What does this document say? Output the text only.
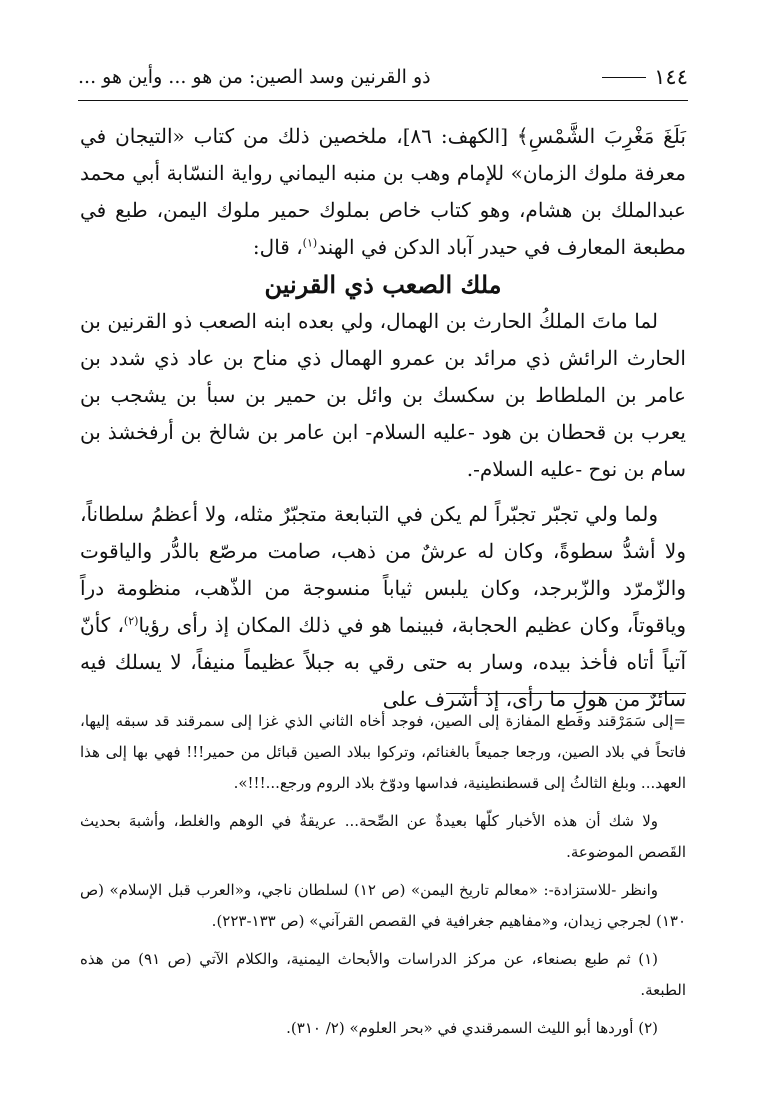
١٤٤
ذو القرنين وسد الصين: من هو ... وأين هو ...

بَلَغَ مَغْرِبَ الشَّمْسِ﴾ [الكهف: ٨٦]، ملخصين ذلك من كتاب «التيجان في معرفة ملوك الزمان» للإمام وهب بن منبه اليماني رواية النسّابة أبي محمد عبدالملك بن هشام، وهو كتاب خاص بملوك حمير ملوك اليمن، طبع في مطبعة المعارف في حيدر آباد الدكن في الهند$^{(١)}$، قال:

ملك الصعب ذي القرنين

لما ماتَ الملكُ الحارث بن الهمال، ولي بعده ابنه الصعب ذو القرنين بن الحارث الرائش ذي مرائد بن عمرو الهمال ذي مناح بن عاد ذي شدد بن عامر بن الملطاط بن سكسك بن وائل بن حمير بن سبأ بن يشجب بن يعرب بن قحطان بن هود -عليه السلام- ابن عامر بن شالخ بن أرفخشذ بن سام بن نوح -عليه السلام-.

ولما ولي تجبّر تجبّراً لم يكن في التبابعة متجبّرٌ مثله، ولا أعظمُ سلطاناً، ولا أشدُّ سطوةً، وكان له عرشٌ من ذهب، صامت مرصّع بالدُّر والياقوت والزّمرّد والزّبرجد، وكان يلبس ثياباً منسوجة من الذّهب، منظومة دراً وياقوتاً، وكان عظيم الحجابة، فبينما هو في ذلك المكان إذ رأى رؤيا$^{(٢)}$، كأنّ آتياً أتاه فأخذ بيده، وسار به حتى رقي به جبلاً عظيماً منيفاً، لا يسلك فيه سائرٌ من هولِ ما رأى، إذ أشرف على

=إلى سَمَرْقند وقطع المفازة إلى الصين، فوجد أخاه الثاني الذي غزا إلى سمرقند قد سبقه إليها، فاتحاً في بلاد الصين، ورجعا جميعاً بالغنائم، وتركوا ببلاد الصين قبائل من حمير!!! فهي بها إلى هذا العهد... وبلغ الثالثُ إلى قسطنطينية، فداسها ودوّخ بلاد الروم ورجع...!!!».

ولا شك أن هذه الأخبار كلّها بعيدةٌ عن الصِّحة... عريقةٌ في الوهم والغلط، وأشبهَ بحديث القَصص الموضوعة.

وانظر -للاستزادة-: «معالم تاريخ اليمن» (ص ١٢) لسلطان ناجي، و«العرب قبل الإسلام» (ص ١٣٠) لجرجي زيدان، و«مفاهيم جغرافية في القصص القرآني» (ص ١٣٣-٢٢٣).

(١) ثم طبع بصنعاء، عن مركز الدراسات والأبحاث اليمنية، والكلام الآتي (ص ٩١) من هذه الطبعة.

(٢) أوردها أبو الليث السمرقندي في «بحر العلوم» (٢/ ٣١٠).
